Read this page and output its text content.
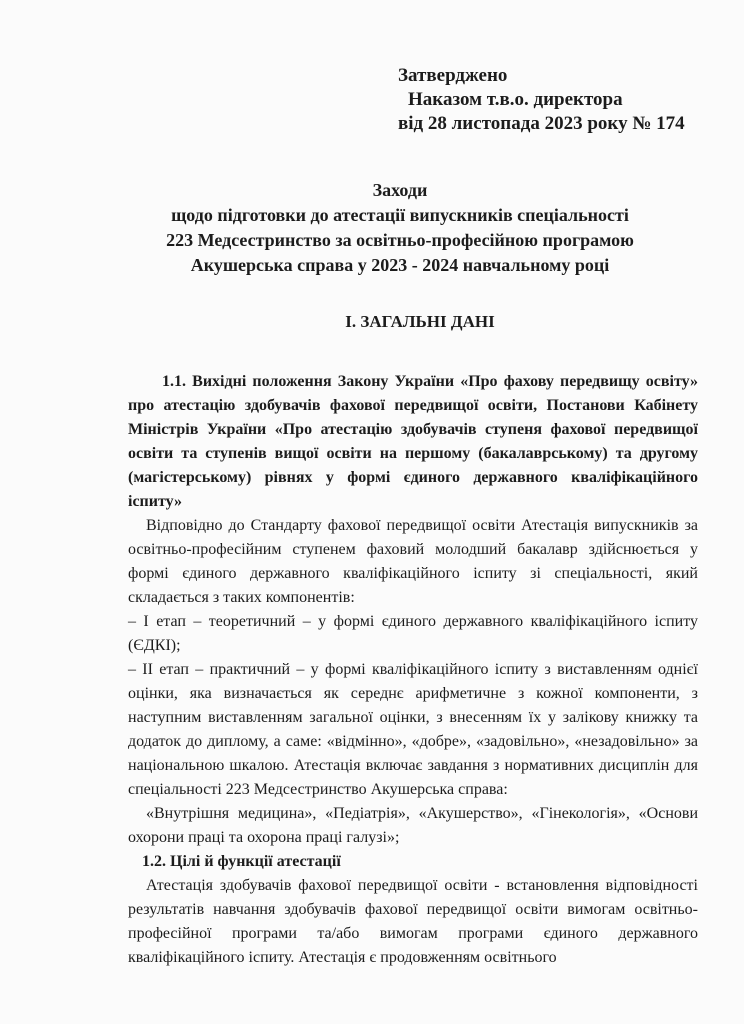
Затверджено
Наказом т.в.о. директора
від 28 листопада 2023 року № 174
Заходи
щодо підготовки до атестації випускників спеціальності
223 Медсестринство за освітньо-професійною програмою
Акушерська справа у 2023 - 2024 навчальному році
І. ЗАГАЛЬНІ ДАНІ

1.1. Вихідні положення Закону України «Про фахову передвищу освіту» про атестацію здобувачів фахової передвищої освіти, Постанови Кабінету Міністрів України «Про атестацію здобувачів ступеня фахової передвищої освіти та ступенів вищої освіти на першому (бакалаврському) та другому (магістерському) рівнях у формі єдиного державного кваліфікаційного іспиту»

Відповідно до Стандарту фахової передвищої освіти Атестація випускників за освітньо-професійним ступенем фаховий молодший бакалавр здійснюється у формі єдиного державного кваліфікаційного іспиту зі спеціальності, який складається з таких компонентів:

– І етап – теоретичний – у формі єдиного державного кваліфікаційного іспиту (ЄДКІ);

– ІІ етап – практичний – у формі кваліфікаційного іспиту з виставленням однієї оцінки, яка визначається як середнє арифметичне з кожної компоненти, з наступним виставленням загальної оцінки, з внесенням їх у залікову книжку та додаток до диплому, а саме: «відмінно», «добре», «задовільно», «незадовільно» за національною шкалою. Атестація включає завдання з нормативних дисциплін для спеціальності 223 Медсестринство Акушерська справа:

«Внутрішня медицина», «Педіатрія», «Акушерство», «Гінекологія», «Основи охорони праці та охорона праці галузі»;

1.2. Цілі й функції атестації

Атестація здобувачів фахової передвищої освіти - встановлення відповідності результатів навчання здобувачів фахової передвищої освіти вимогам освітньо-професійної програми та/або вимогам програми єдиного державного кваліфікаційного іспиту. Атестація є продовженням освітнього
